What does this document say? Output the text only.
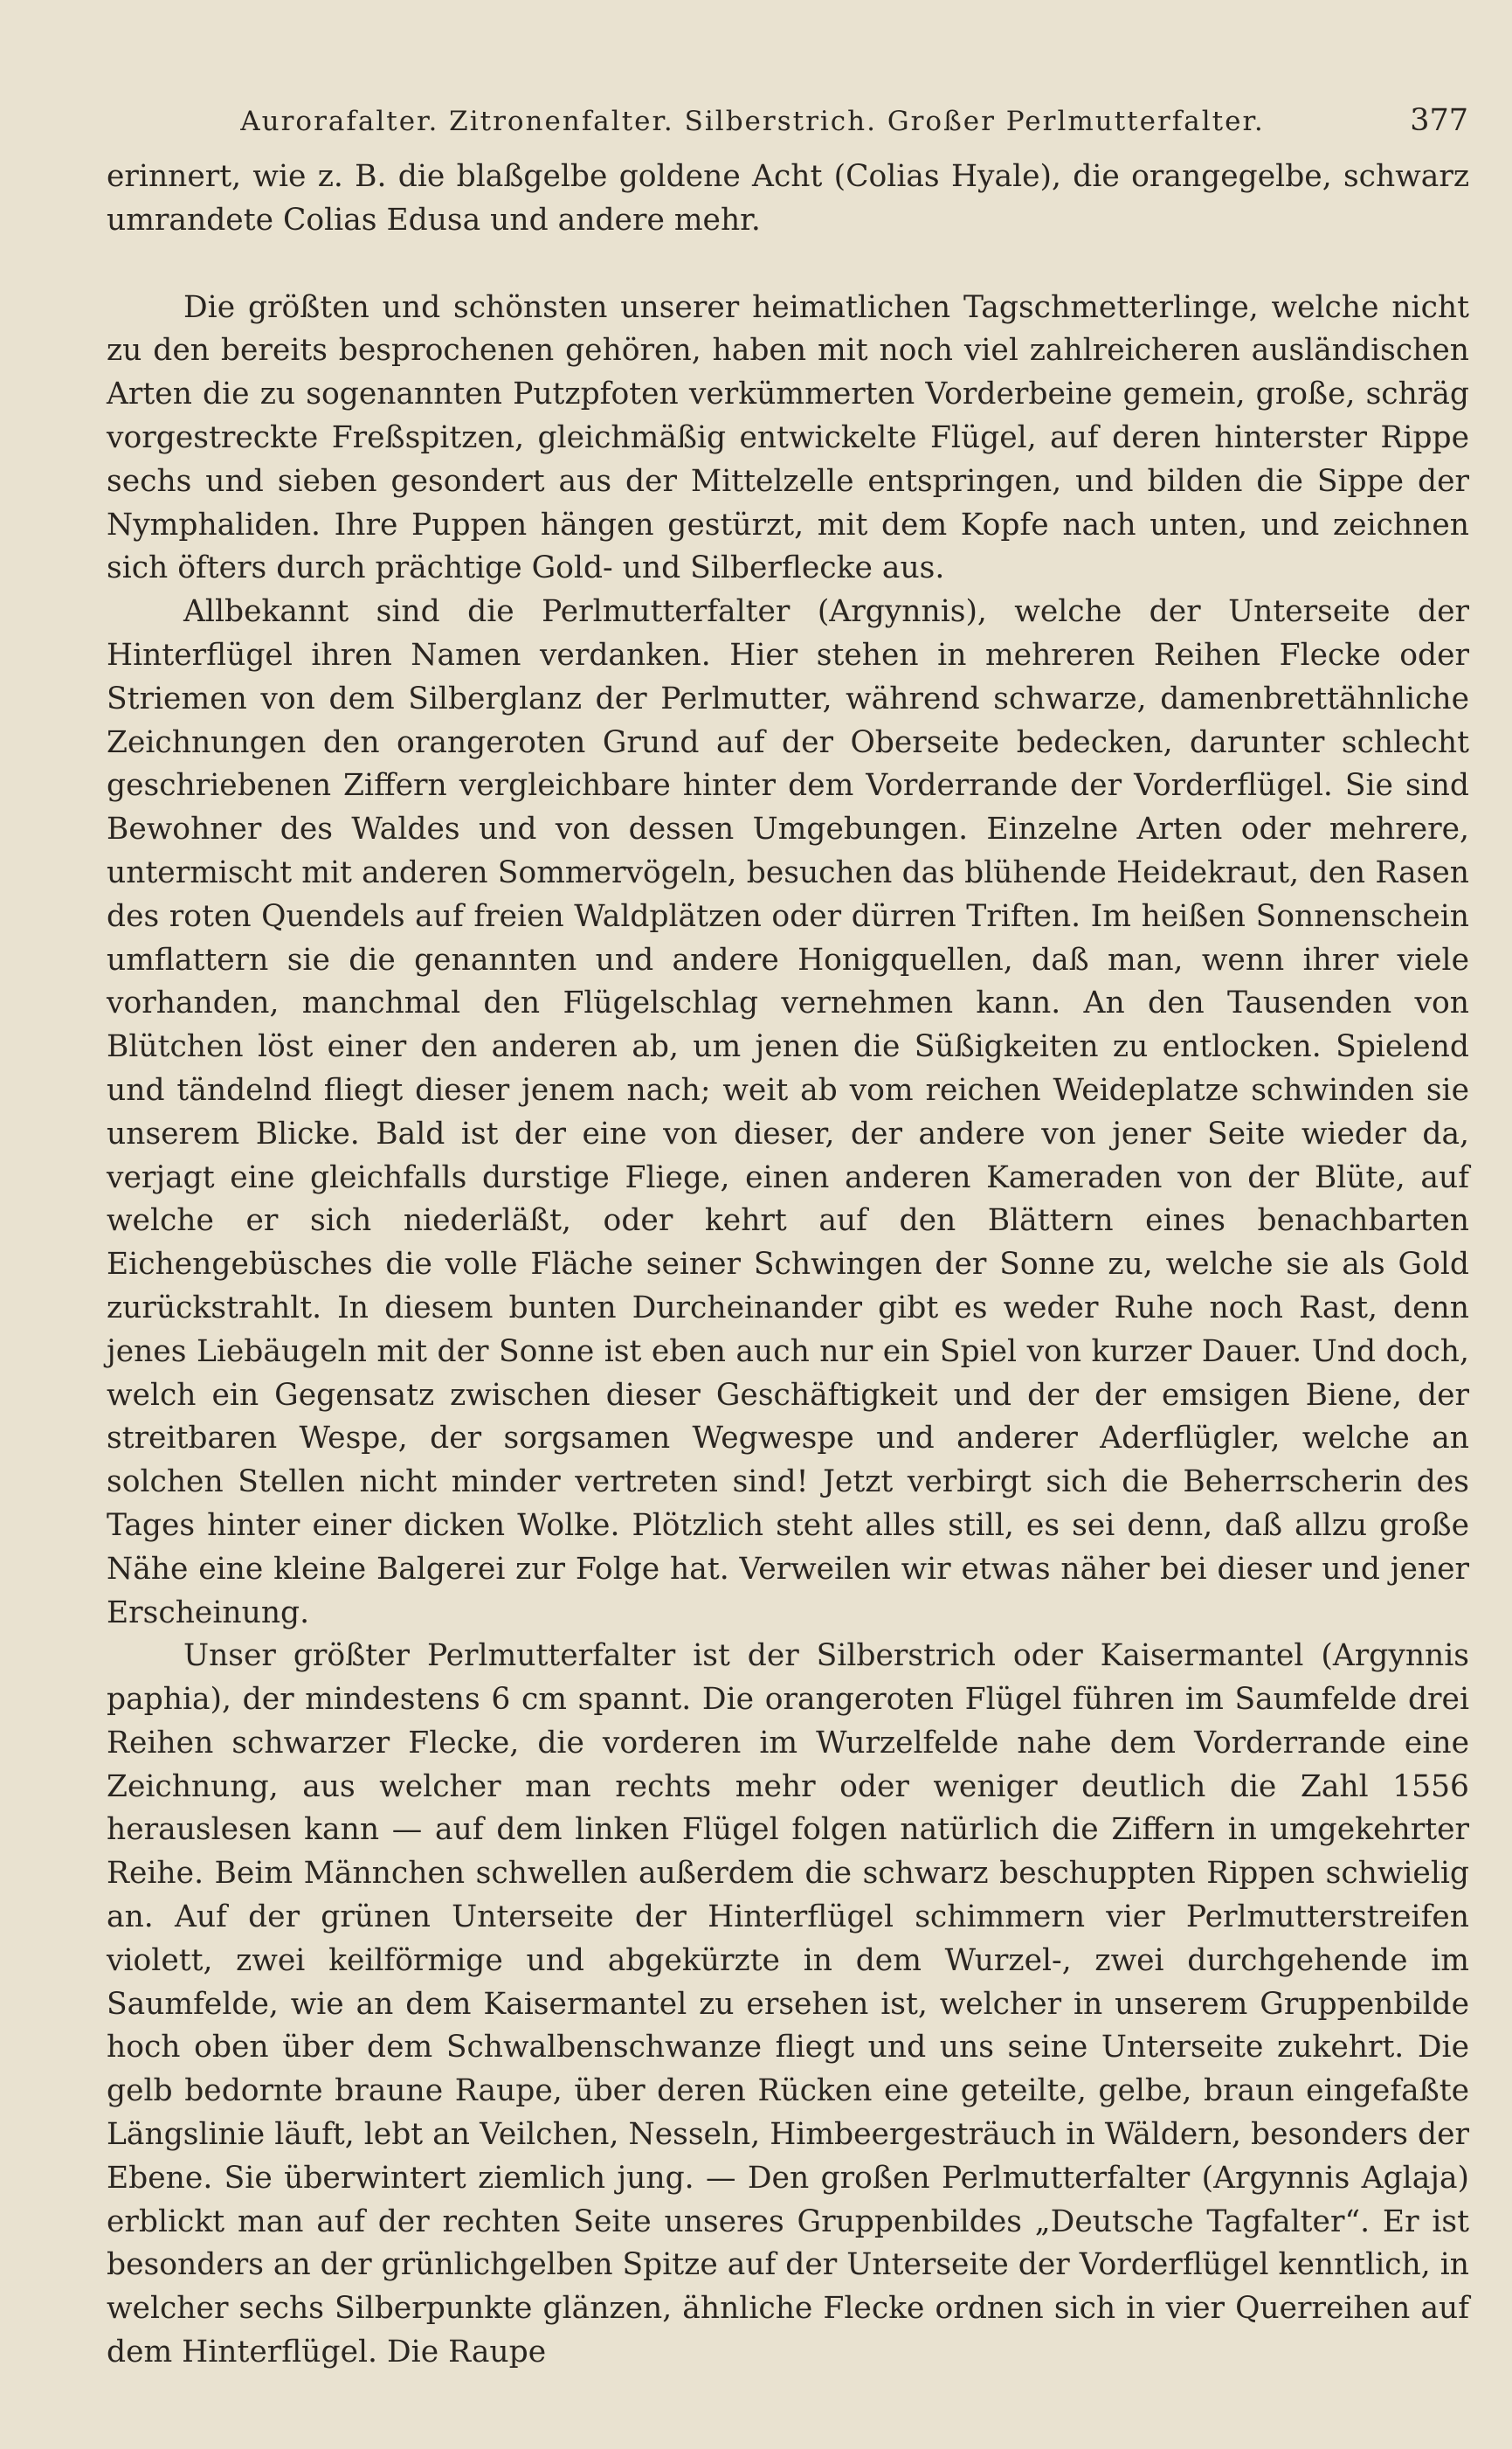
Aurorafalter. Zitronenfalter. Silberstrich. Großer Perlmutterfalter.	377

erinnert, wie z. B. die blaßgelbe goldene Acht (Colias Hyale), die orangegelbe, schwarz umrandete Colias Edusa und andere mehr.

Die größten und schönsten unserer heimatlichen Tagschmetterlinge, welche nicht zu den bereits besprochenen gehören, haben mit noch viel zahlreicheren ausländischen Arten die zu sogenannten Putzpfoten verkümmerten Vorderbeine gemein, große, schräg vorgestreckte Freßspitzen, gleichmäßig entwickelte Flügel, auf deren hinterster Rippe sechs und sieben gesondert aus der Mittelzelle entspringen, und bilden die Sippe der Nymphaliden. Ihre Puppen hängen gestürzt, mit dem Kopfe nach unten, und zeichnen sich öfters durch prächtige Gold- und Silberflecke aus.

Allbekannt sind die Perlmutterfalter (Argynnis), welche der Unterseite der Hinterflügel ihren Namen verdanken. Hier stehen in mehreren Reihen Flecke oder Striemen von dem Silberglanz der Perlmutter, während schwarze, damenbrettähnliche Zeichnungen den orangeroten Grund auf der Oberseite bedecken, darunter schlecht geschriebenen Ziffern vergleichbare hinter dem Vorderrande der Vorderflügel. Sie sind Bewohner des Waldes und von dessen Umgebungen. Einzelne Arten oder mehrere, untermischt mit anderen Sommervögeln, besuchen das blühende Heidekraut, den Rasen des roten Quendels auf freien Waldplätzen oder dürren Triften. Im heißen Sonnenschein umflattern sie die genannten und andere Honigquellen, daß man, wenn ihrer viele vorhanden, manchmal den Flügelschlag vernehmen kann. An den Tausenden von Blütchen löst einer den anderen ab, um jenen die Süßigkeiten zu entlocken. Spielend und tändelnd fliegt dieser jenem nach; weit ab vom reichen Weideplatze schwinden sie unserem Blicke. Bald ist der eine von dieser, der andere von jener Seite wieder da, verjagt eine gleichfalls durstige Fliege, einen anderen Kameraden von der Blüte, auf welche er sich niederläßt, oder kehrt auf den Blättern eines benachbarten Eichengebüsches die volle Fläche seiner Schwingen der Sonne zu, welche sie als Gold zurückstrahlt. In diesem bunten Durcheinander gibt es weder Ruhe noch Rast, denn jenes Liebäugeln mit der Sonne ist eben auch nur ein Spiel von kurzer Dauer. Und doch, welch ein Gegensatz zwischen dieser Geschäftigkeit und der der emsigen Biene, der streitbaren Wespe, der sorgsamen Wegwespe und anderer Aderflügler, welche an solchen Stellen nicht minder vertreten sind! Jetzt verbirgt sich die Beherrscherin des Tages hinter einer dicken Wolke. Plötzlich steht alles still, es sei denn, daß allzu große Nähe eine kleine Balgerei zur Folge hat. Verweilen wir etwas näher bei dieser und jener Erscheinung.

Unser größter Perlmutterfalter ist der Silberstrich oder Kaisermantel (Argynnis paphia), der mindestens 6 cm spannt. Die orangeroten Flügel führen im Saumfelde drei Reihen schwarzer Flecke, die vorderen im Wurzelfelde nahe dem Vorderrande eine Zeichnung, aus welcher man rechts mehr oder weniger deutlich die Zahl 1556 herauslesen kann — auf dem linken Flügel folgen natürlich die Ziffern in umgekehrter Reihe. Beim Männchen schwellen außerdem die schwarz beschuppten Rippen schwielig an. Auf der grünen Unterseite der Hinterflügel schimmern vier Perlmutterstreifen violett, zwei keilförmige und abgekürzte in dem Wurzel-, zwei durchgehende im Saumfelde, wie an dem Kaisermantel zu ersehen ist, welcher in unserem Gruppenbilde hoch oben über dem Schwalbenschwanze fliegt und uns seine Unterseite zukehrt. Die gelb bedornte braune Raupe, über deren Rücken eine geteilte, gelbe, braun eingefaßte Längslinie läuft, lebt an Veilchen, Nesseln, Himbeergesträuch in Wäldern, besonders der Ebene. Sie überwintert ziemlich jung. — Den großen Perlmutterfalter (Argynnis Aglaja) erblickt man auf der rechten Seite unseres Gruppenbildes „Deutsche Tagfalter“. Er ist besonders an der grünlichgelben Spitze auf der Unterseite der Vorderflügel kenntlich, in welcher sechs Silberpunkte glänzen, ähnliche Flecke ordnen sich in vier Querreihen auf dem Hinterflügel. Die Raupe
